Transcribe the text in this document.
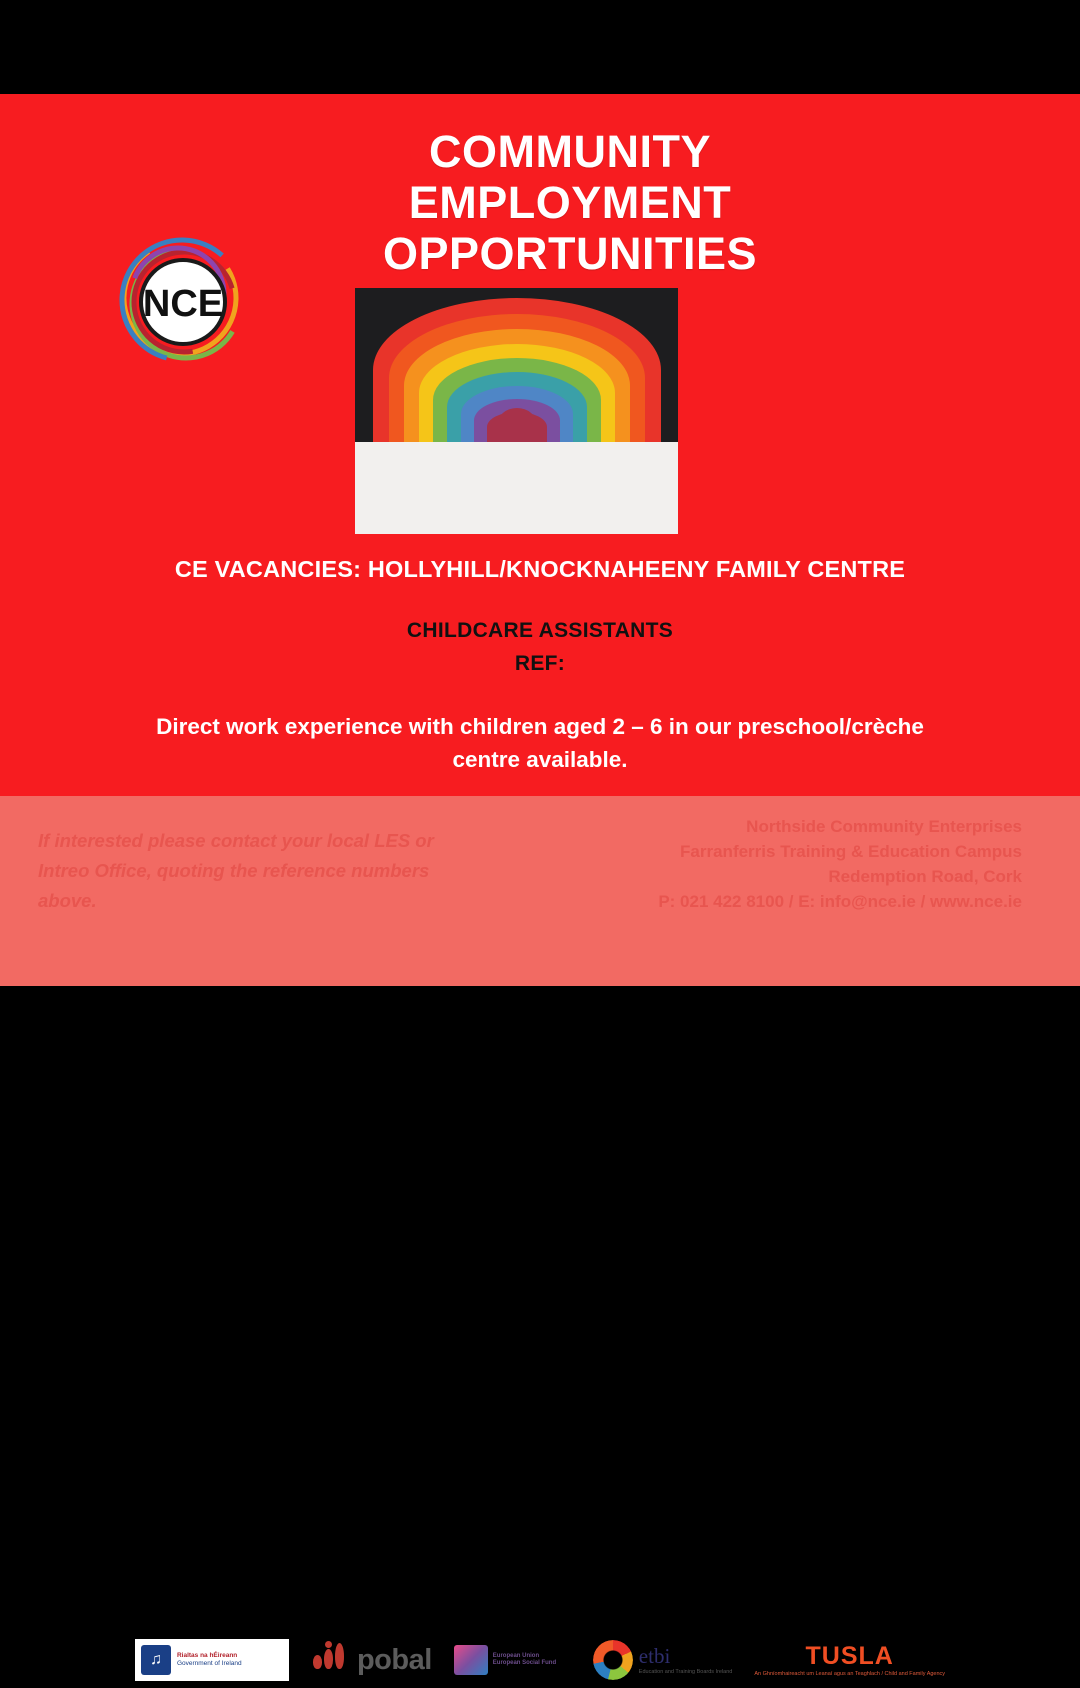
NCE
COMMUNITY EMPLOYMENT OPPORTUNITIES
CE VACANCIES: HOLLYHILL/KNOCKNAHEENY FAMILY CENTRE
CHILDCARE ASSISTANTS
REF:
Direct work experience with children aged 2 – 6 in our preschool/crèche centre available.
If interested please contact your local LES or Intreo Office, quoting the reference numbers above.
Northside Community Enterprises
Farranferris Training & Education Campus
Redemption Road, Cork
P: 021 422 8100 / E: info@nce.ie / www.nce.ie
♫	Rialtas na hÉireann
Government of Ireland	pobal	European Union
European Social Fund	etbi
Education and Training Boards Ireland
TUSLA
An Ghníomhaireacht um Leanaí agus an Teaghlach / Child and Family Agency
